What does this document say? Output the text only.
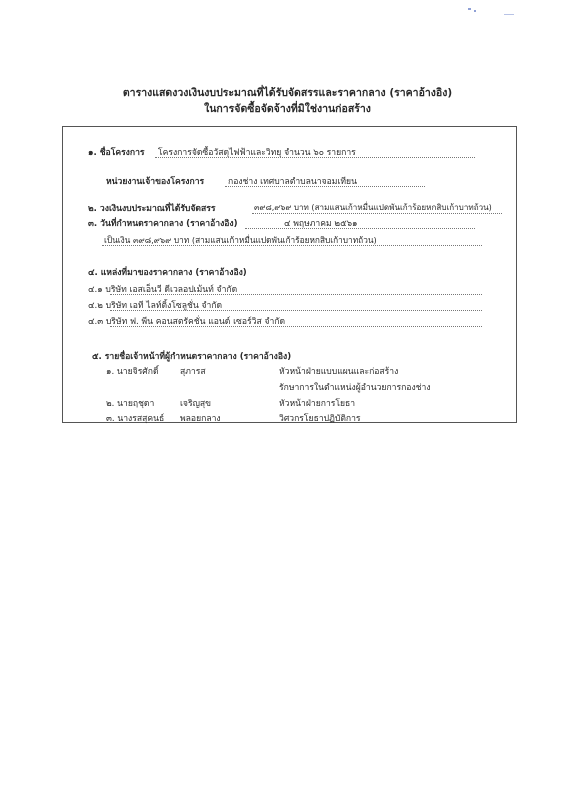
ตารางแสดงวงเงินงบประมาณที่ได้รับจัดสรรและราคากลาง (ราคาอ้างอิง)
ในการจัดซื้อจัดจ้างที่มิใช่งานก่อสร้าง
๑. ชื่อโครงการ โครงการจัดซื้อวัสดุไฟฟ้าและวิทยุ จำนวน ๖๐ รายการ
หน่วยงานเจ้าของโครงการ	กองช่าง เทศบาลตำบลนาจอมเทียน
๒. วงเงินงบประมาณที่ได้รับจัดสรร	๓๙๘,๙๖๙ บาท (สามแสนเก้าหมื่นแปดพันเก้าร้อยหกสิบเก้าบาทถ้วน)
๓. วันที่กำหนดราคากลาง (ราคาอ้างอิง)	๔ พฤษภาคม ๒๕๖๑
เป็นเงิน ๓๙๘,๙๖๙ บาท (สามแสนเก้าหมื่นแปดพันเก้าร้อยหกสิบเก้าบาทถ้วน)
๔. แหล่งที่มาของราคากลาง (ราคาอ้างอิง)
๔.๑ บริษัท เอสเอ็นวี ดีเวลอปเม้นท์ จำกัด
๔.๒ บริษัท เอที ไลท์ติ้งโซลูชั่น จำกัด
๔.๓ บริษัท ฟ. พีน คอนสตรัคชั่น แอนด์ เซอร์วิส จำกัด
๕. รายชื่อเจ้าหน้าที่ผู้กำหนดราคากลาง (ราคาอ้างอิง)
๑. นายจิรศักดิ์ สุภารส	หัวหน้าฝ่ายแบบแผนและก่อสร้าง
รักษาการในตำแหน่งผู้อำนวยการกองช่าง
๒. นายฤชุดา	เจริญสุข	หัวหน้าฝ่ายการโยธา
๓. นางรสสุคนธ์ พลอยกลาง	วิศวกรโยธาปฏิบัติการ
